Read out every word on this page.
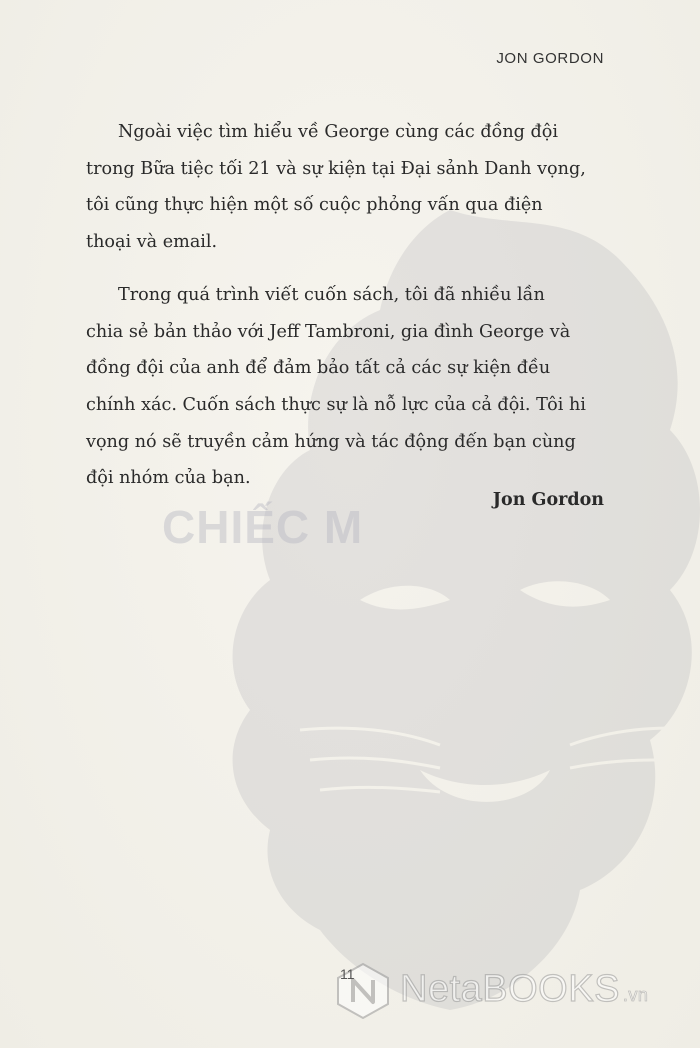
CHIẾC M
JON GORDON

Ngoài việc tìm hiểu về George cùng các đồng đội
trong Bữa tiệc tối 21 và sự kiện tại Đại sảnh Danh vọng,
tôi cũng thực hiện một số cuộc phỏng vấn qua điện
thoại và email.

Trong quá trình viết cuốn sách, tôi đã nhiều lần
chia sẻ bản thảo với Jeff Tambroni, gia đình George và
đồng đội của anh để đảm bảo tất cả các sự kiện đều
chính xác. Cuốn sách thực sự là nỗ lực của cả đội. Tôi hi
vọng nó sẽ truyền cảm hứng và tác động đến bạn cùng
đội nhóm của bạn.

Jon Gordon
NetaBOOKS .vn
11
